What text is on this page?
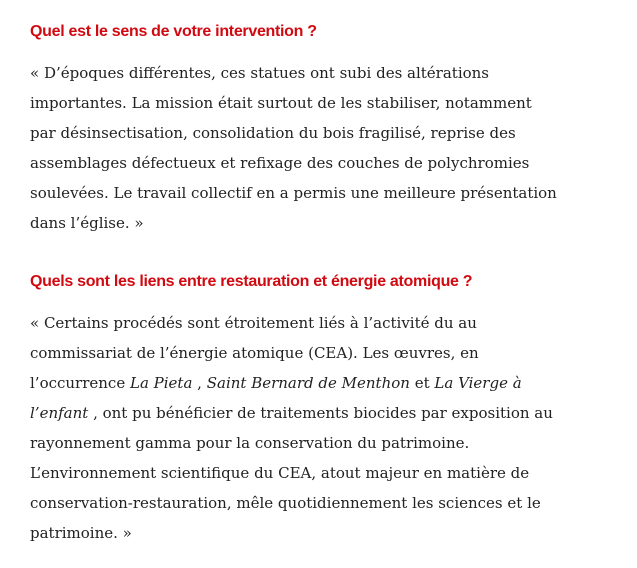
Quel est le sens de votre intervention ?

« D’époques différentes, ces statues ont subi des altérations
importantes. La mission était surtout de les stabiliser, notamment
par désinsectisation, consolidation du bois fragilisé, reprise des
assemblages défectueux et refixage des couches de polychromies
soulevées. Le travail collectif en a permis une meilleure présentation
dans l’église. »

Quels sont les liens entre restauration et énergie atomique ?

« Certains procédés sont étroitement liés à l’activité du au
commissariat de l’énergie atomique (CEA). Les œuvres, en
l’occurrence La Pieta , Saint Bernard de Menthon et La Vierge à
l’enfant , ont pu bénéficier de traitements biocides par exposition au
rayonnement gamma pour la conservation du patrimoine.
L’environnement scientifique du CEA, atout majeur en matière de
conservation-restauration, mêle quotidiennement les sciences et le
patrimoine. »
